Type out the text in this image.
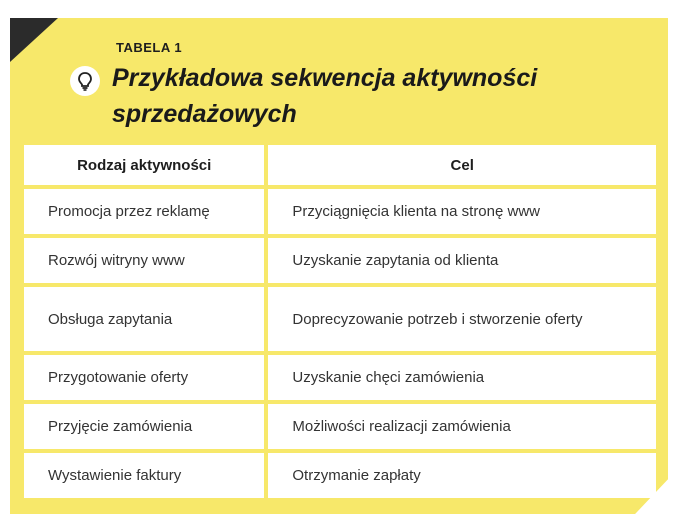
TABELA 1
Przykładowa sekwencja aktywności sprzedażowych
Rodzaj aktywności	Cel
Promocja przez reklamę	Przyciągnięcia klienta na stronę www
Rozwój witryny www	Uzyskanie zapytania od klienta
Obsługa zapytania	Doprecyzowanie potrzeb i stworzenie oferty
Przygotowanie oferty	Uzyskanie chęci zamówienia
Przyjęcie zamówienia	Możliwości realizacji zamówienia
Wystawienie faktury	Otrzymanie zapłaty
